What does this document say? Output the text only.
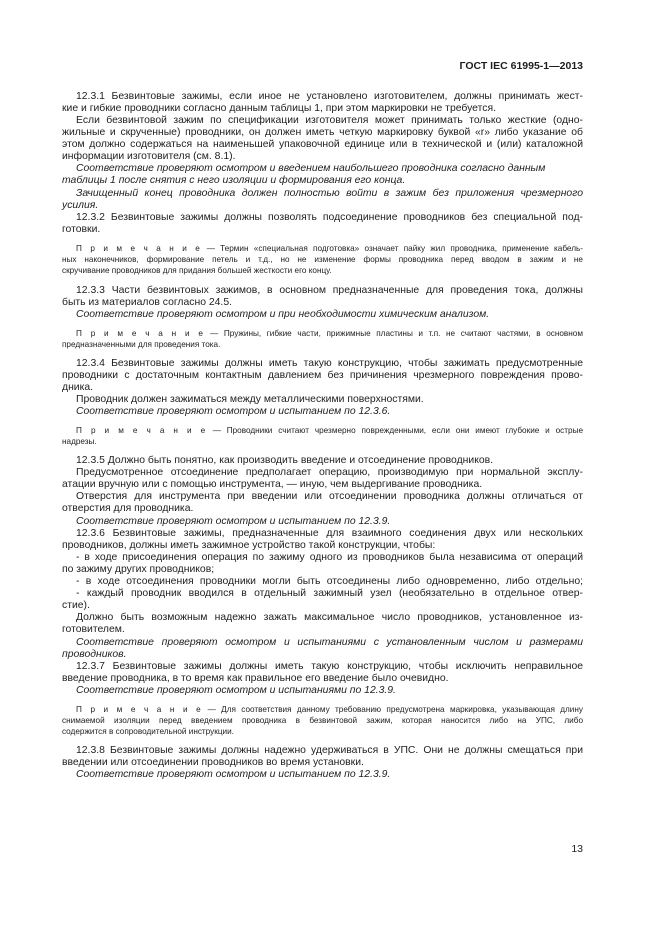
ГОСТ IEC 61995-1—2013
12.3.1 Безвинтовые зажимы, если иное не установлено изготовителем, должны принимать жест-
кие и гибкие проводники согласно данным таблицы 1, при этом маркировки не требуется.
Если безвинтовой зажим по спецификации изготовителя может принимать только жесткие (одно-
жильные и скрученные) проводники, он должен иметь четкую маркировку буквой «r» либо указание об
этом должно содержаться на наименьшей упаковочной единице или в технической и (или) каталожной
информации изготовителя (см. 8.1).
Соответствие проверяют осмотром и введением наибольшего проводника согласно данным
таблицы 1 после снятия с него изоляции и формирования его конца.
Зачищенный конец проводника должен полностью войти в зажим без приложения чрезмерного
усилия.
12.3.2 Безвинтовые зажимы должны позволять подсоединение проводников без специальной под-
готовки.
П р и м е ч а н и е — Термин «специальная подготовка» означает пайку жил проводника, применение кабель-
ных наконечников, формирование петель и т.д., но не изменение формы проводника перед вводом в зажим и не
скручивание проводников для придания большей жесткости его концу.
12.3.3 Части безвинтовых зажимов, в основном предназначенные для проведения тока, должны
быть из материалов согласно 24.5.
Соответствие проверяют осмотром и при необходимости химическим анализом.
П р и м е ч а н и е — Пружины, гибкие части, прижимные пластины и т.п. не считают частями, в основном
предназначенными для проведения тока.
12.3.4 Безвинтовые зажимы должны иметь такую конструкцию, чтобы зажимать предусмотренные
проводники с достаточным контактным давлением без причинения чрезмерного повреждения прово-
дника.
Проводник должен зажиматься между металлическими поверхностями.
Соответствие проверяют осмотром и испытанием по 12.3.6.
П р и м е ч а н и е — Проводники считают чрезмерно поврежденными, если они имеют глубокие и острые
надрезы.
12.3.5 Должно быть понятно, как производить введение и отсоединение проводников.
Предусмотренное отсоединение предполагает операцию, производимую при нормальной эксплу-
атации вручную или с помощью инструмента, — иную, чем выдергивание проводника.
Отверстия для инструмента при введении или отсоединении проводника должны отличаться от
отверстия для проводника.
Соответствие проверяют осмотром и испытанием по 12.3.9.
12.3.6 Безвинтовые зажимы, предназначенные для взаимного соединения двух или нескольких
проводников, должны иметь зажимное устройство такой конструкции, чтобы:
- в ходе присоединения операция по зажиму одного из проводников была независима от операций
по зажиму других проводников;
- в ходе отсоединения проводники могли быть отсоединены либо одновременно, либо отдельно;
- каждый проводник вводился в отдельный зажимный узел (необязательно в отдельное отвер-
стие).
Должно быть возможным надежно зажать максимальное число проводников, установленное из-
готовителем.
Соответствие проверяют осмотром и испытаниями с установленным числом и размерами
проводников.
12.3.7 Безвинтовые зажимы должны иметь такую конструкцию, чтобы исключить неправильное
введение проводника, в то время как правильное его введение было очевидно.
Соответствие проверяют осмотром и испытаниями по 12.3.9.
П р и м е ч а н и е — Для соответствия данному требованию предусмотрена маркировка, указывающая длину
снимаемой изоляции перед введением проводника в безвинтовой зажим, которая наносится либо на УПС, либо
содержится в сопроводительной инструкции.
12.3.8 Безвинтовые зажимы должны надежно удерживаться в УПС. Они не должны смещаться при
введении или отсоединении проводников во время установки.
Соответствие проверяют осмотром и испытанием по 12.3.9.
13
